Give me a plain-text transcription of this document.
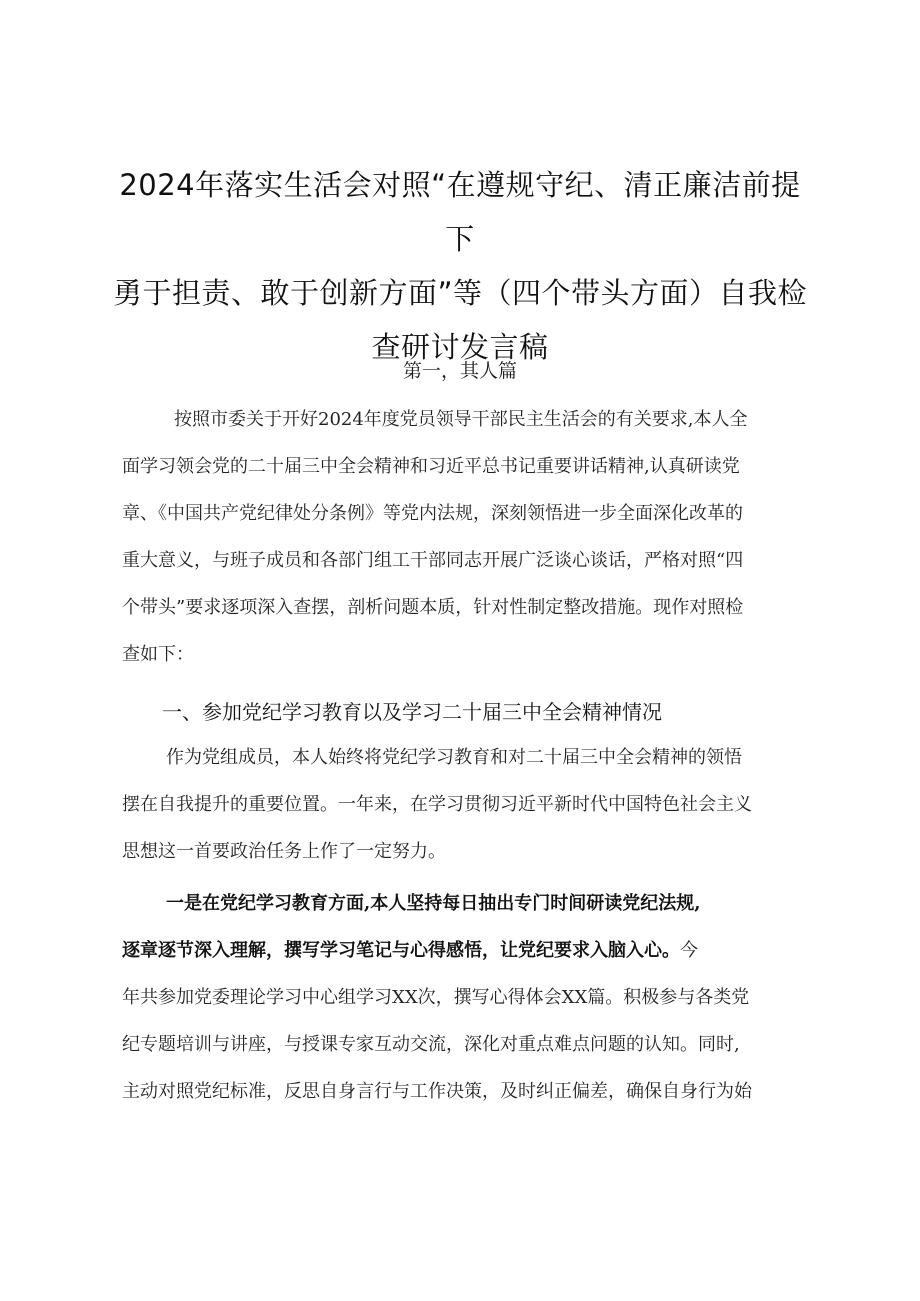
2024年落实生活会对照“在遵规守纪、清正廉洁前提下
勇于担责、敢于创新方面”等（四个带头方面）自我检
查研讨发言稿
第一，其人篇

按照市委关于开好2024年度党员领导干部民主生活会的有关要求,本人全
面学习领会党的二十届三中全会精神和习近平总书记重要讲话精神,认真研读党
章、《中国共产党纪律处分条例》等党内法规，深刻领悟进一步全面深化改革的
重大意义，与班子成员和各部门组工干部同志开展广泛谈心谈话，严格对照“四
个带头”要求逐项深入查摆，剖析问题本质，针对性制定整改措施。现作对照检
查如下：

一、参加党纪学习教育以及学习二十届三中全会精神情况

作为党组成员，本人始终将党纪学习教育和对二十届三中全会精神的领悟
摆在自我提升的重要位置。一年来，在学习贯彻习近平新时代中国特色社会主义
思想这一首要政治任务上作了一定努力。

一是在党纪学习教育方面,本人坚持每日抽出专门时间研读党纪法规,
逐章逐节深入理解，撰写学习笔记与心得感悟，让党纪要求入脑入心。今
年共参加党委理论学习中心组学习XX次，撰写心得体会XX篇。积极参与各类党
纪专题培训与讲座，与授课专家互动交流，深化对重点难点问题的认知。同时,
主动对照党纪标准，反思自身言行与工作决策，及时纠正偏差，确保自身行为始
